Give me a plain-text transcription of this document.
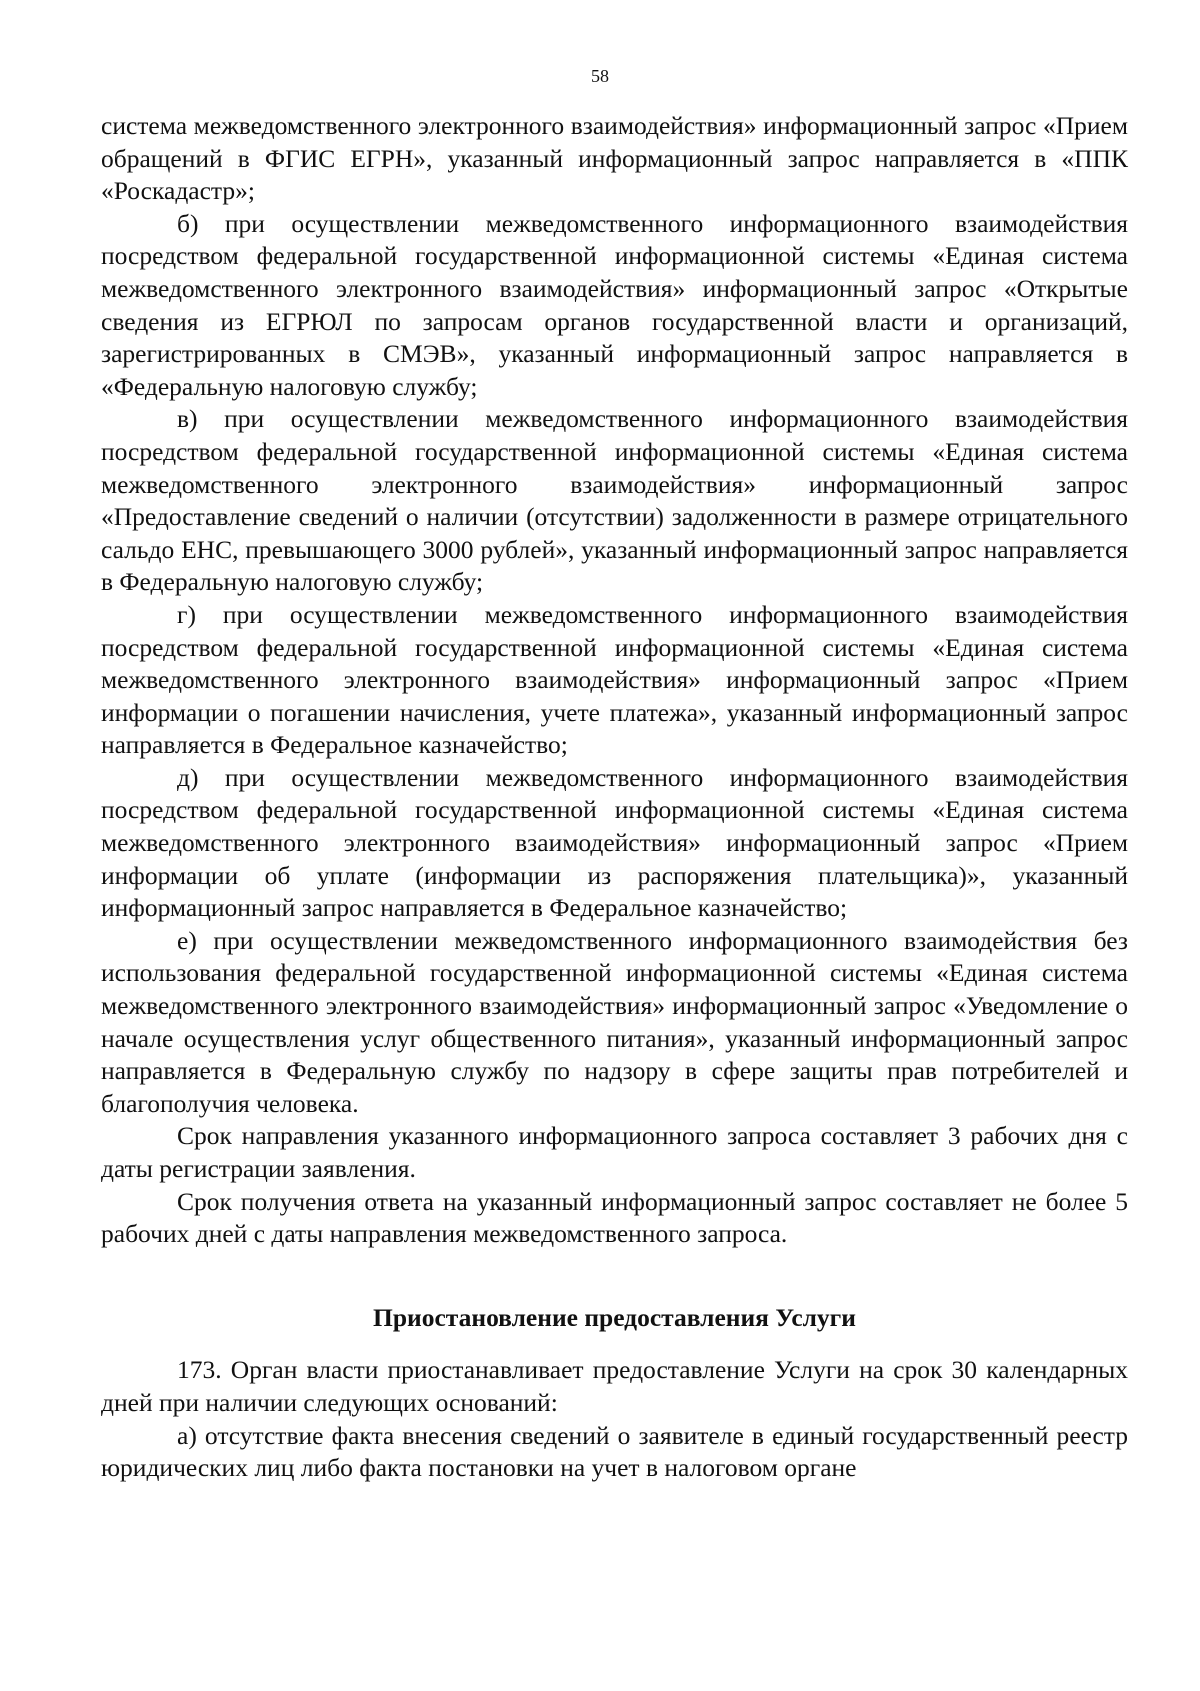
58

система межведомственного электронного взаимодействия» информационный запрос «Прием обращений в ФГИС ЕГРН», указанный информационный запрос направляется в «ППК «Роскадастр»;

б) при осуществлении межведомственного информационного взаимодействия посредством федеральной государственной информационной системы «Единая система межведомственного электронного взаимодействия» информационный запрос «Открытые сведения из ЕГРЮЛ по запросам органов государственной власти и организаций, зарегистрированных в СМЭВ», указанный информационный запрос направляется в «Федеральную налоговую службу;

в) при осуществлении межведомственного информационного взаимодействия посредством федеральной государственной информационной системы «Единая система межведомственного электронного взаимодействия» информационный запрос «Предоставление сведений о наличии (отсутствии) задолженности в размере отрицательного сальдо ЕНС, превышающего 3000 рублей», указанный информационный запрос направляется в Федеральную налоговую службу;

г) при осуществлении межведомственного информационного взаимодействия посредством федеральной государственной информационной системы «Единая система межведомственного электронного взаимодействия» информационный запрос «Прием информации о погашении начисления, учете платежа», указанный информационный запрос направляется в Федеральное казначейство;

д) при осуществлении межведомственного информационного взаимодействия посредством федеральной государственной информационной системы «Единая система межведомственного электронного взаимодействия» информационный запрос «Прием информации об уплате (информации из распоряжения плательщика)», указанный информационный запрос направляется в Федеральное казначейство;

е) при осуществлении межведомственного информационного взаимодействия без использования федеральной государственной информационной системы «Единая система межведомственного электронного взаимодействия» информационный запрос «Уведомление о начале осуществления услуг общественного питания», указанный информационный запрос направляется в Федеральную службу по надзору в сфере защиты прав потребителей и благополучия человека.

Срок направления указанного информационного запроса составляет 3 рабочих дня с даты регистрации заявления.

Срок получения ответа на указанный информационный запрос составляет не более 5 рабочих дней с даты направления межведомственного запроса.

Приостановление предоставления Услуги

173. Орган власти приостанавливает предоставление Услуги на срок 30 календарных дней при наличии следующих оснований:

а) отсутствие факта внесения сведений о заявителе в единый государственный реестр юридических лиц либо факта постановки на учет в налоговом органе
